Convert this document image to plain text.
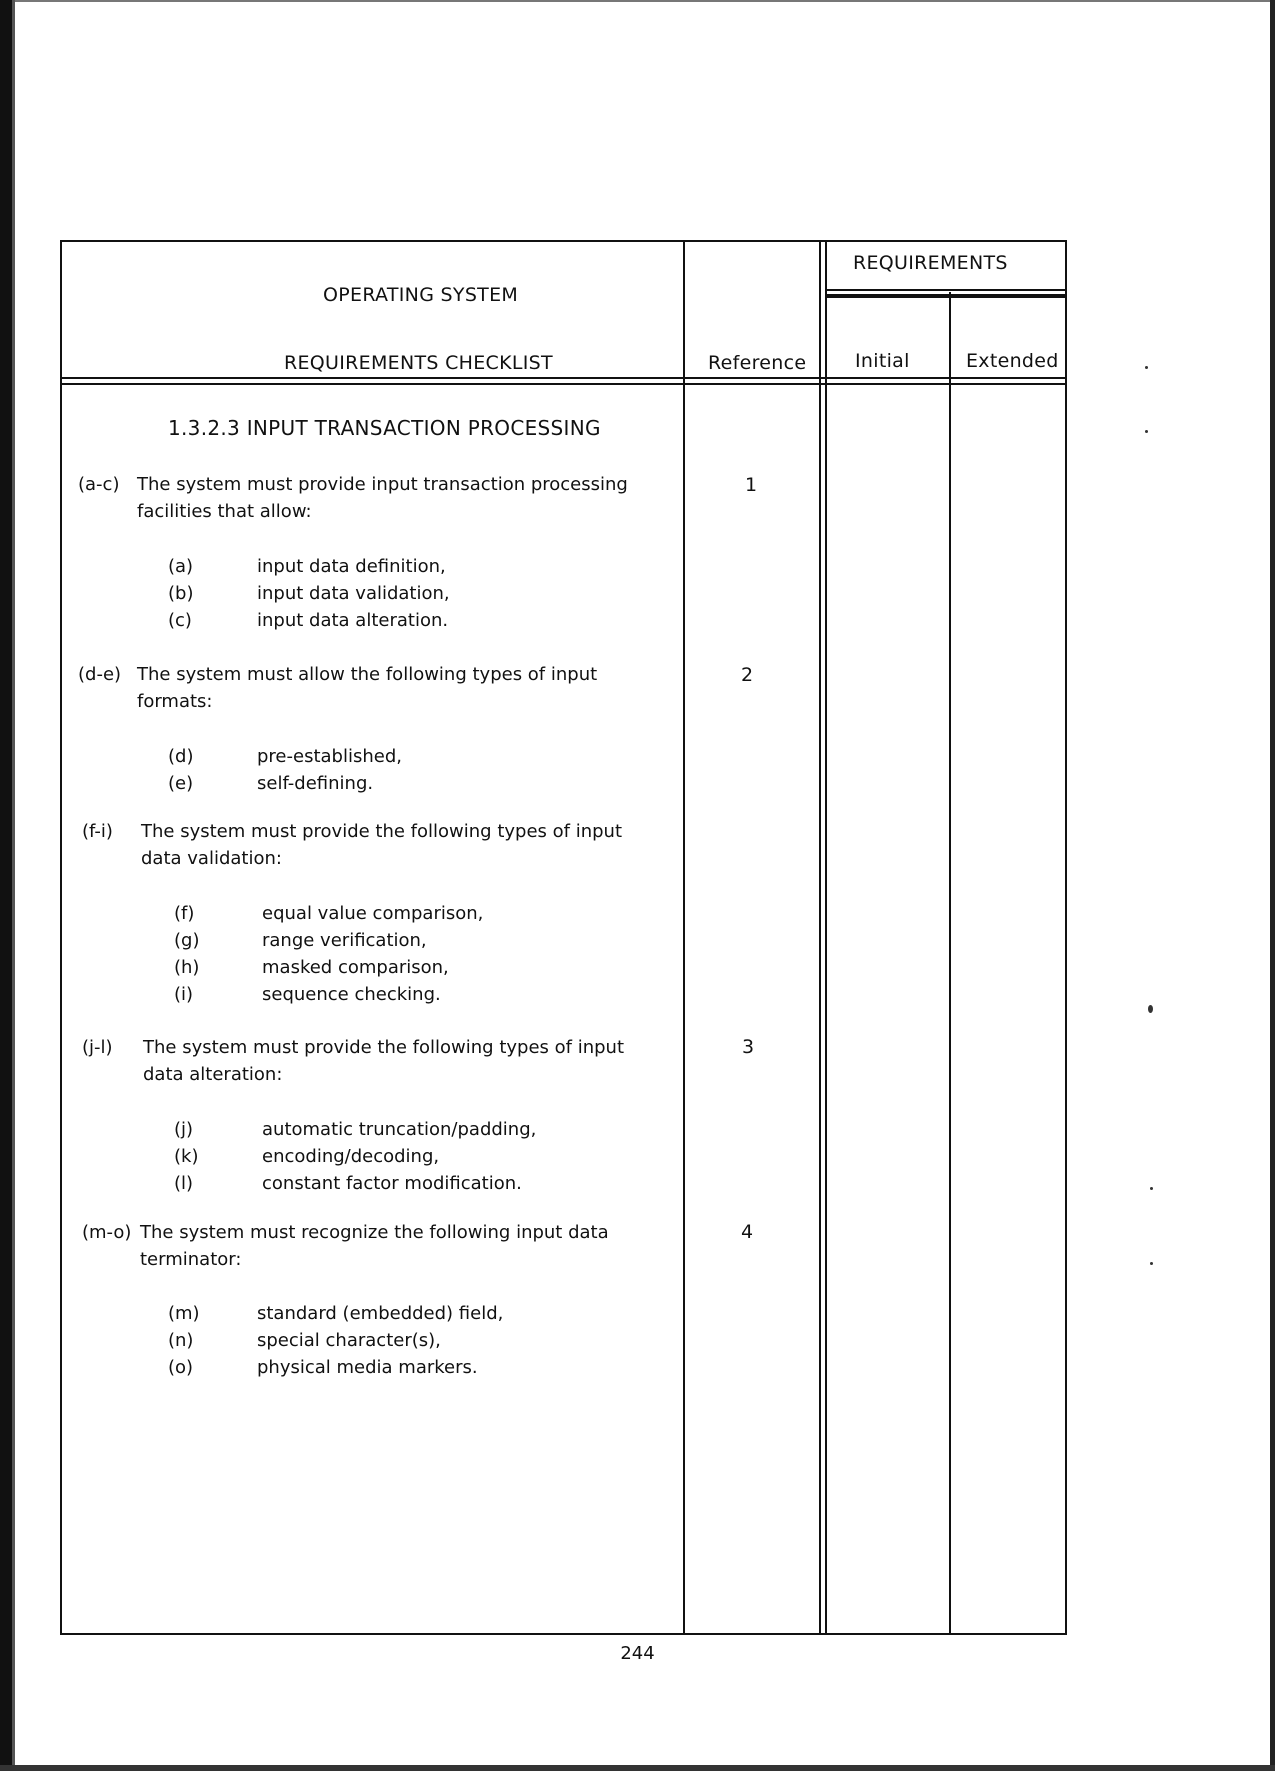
OPERATING SYSTEM
REQUIREMENTS CHECKLIST	Reference
REQUIREMENTS
Initial	Extended
1.3.2.3 INPUT TRANSACTION PROCESSING
(a-c) The system must provide input transaction processing
facilities that allow:
1
(a)	input data definition,
(b)	input data validation,
(c)	input data alteration.
(d-e) The system must allow the following types of input
formats:
2
(d)	pre-established,
(e)	self-defining.
(f-i) The system must provide the following types of input
data validation:
(f)	equal value comparison,
(g)	range verification,
(h)	masked comparison,
(i)	sequence checking.
(j-l) The system must provide the following types of input
data alteration:
3
(j)	automatic truncation/padding,
(k)	encoding/decoding,
(l)	constant factor modification.
(m-o) The system must recognize the following input data
terminator:
4
(m)	standard (embedded) field,
(n)	special character(s),
(o)	physical media markers.
244
